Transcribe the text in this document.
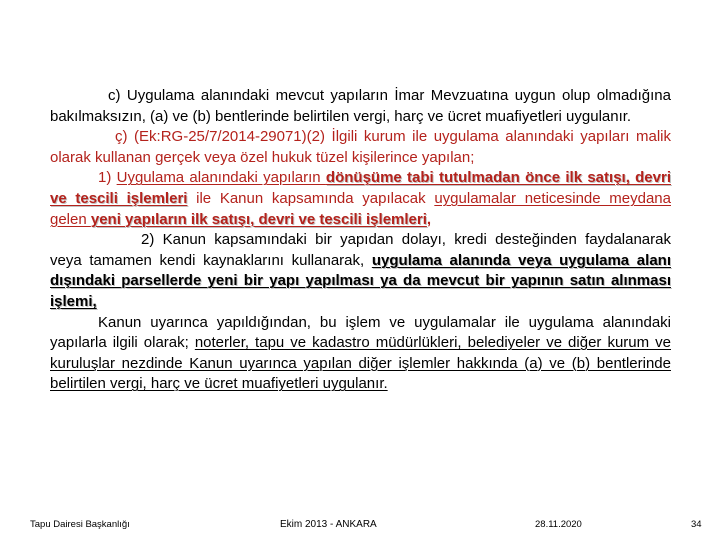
c) Uygulama alanındaki mevcut yapıların İmar Mevzuatına uygun olup olmadığına bakılmaksızın, (a) ve (b) bentlerinde belirtilen vergi, harç ve ücret muafiyetleri uygulanır.

ç) (Ek:RG-25/7/2014-29071)(2) İlgili kurum ile uygulama alanındaki yapıları malik olarak kullanan gerçek veya özel hukuk tüzel kişilerince yapılan;

1) Uygulama alanındaki yapıların dönüşüme tabi tutulmadan önce ilk satışı, devri ve tescili işlemleri ile Kanun kapsamında yapılacak uygulamalar neticesinde meydana gelen yeni yapıların ilk satışı, devri ve tescili işlemleri,

2) Kanun kapsamındaki bir yapıdan dolayı, kredi desteğinden faydalanarak veya tamamen kendi kaynaklarını kullanarak, uygulama alanında veya uygulama alanı dışındaki parsellerde yeni bir yapı yapılması ya da mevcut bir yapının satın alınması işlemi,

Kanun uyarınca yapıldığından, bu işlem ve uygulamalar ile uygulama alanındaki yapılarla ilgili olarak; noterler, tapu ve kadastro müdürlükleri, belediyeler ve diğer kurum ve kuruluşlar nezdinde Kanun uyarınca yapılan diğer işlemler hakkında (a) ve (b) bentlerinde belirtilen vergi, harç ve ücret muafiyetleri uygulanır.

Tapu Dairesi Başkanlığı	Ekim 2013 - ANKARA	28.11.2020	34
